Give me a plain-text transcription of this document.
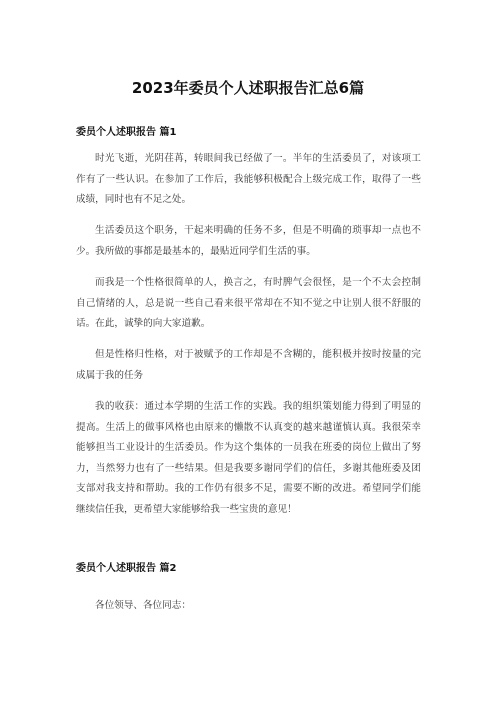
2023年委员个人述职报告汇总6篇
委员个人述职报告 篇1

时光飞逝，光阴荏苒，转眼间我已经做了一。半年的生活委员了，对该项工作有了一些认识。在参加了工作后，我能够积极配合上级完成工作，取得了一些成绩，同时也有不足之处。

生活委员这个职务，干起来明确的任务不多，但是不明确的琐事却一点也不少。我所做的事都是最基本的，最贴近同学们生活的事。

而我是一个性格很简单的人，换言之，有时脾气会很怪，是一个不太会控制自己情绪的人，总是说一些自己看来很平常却在不知不觉之中让别人很不舒服的话。在此，诚挚的向大家道歉。

但是性格归性格，对于被赋予的工作却是不含糊的，能积极并按时按量的完成属于我的任务

我的收获：通过本学期的生活工作的实践。我的组织策划能力得到了明显的提高。生活上的做事风格也由原来的懒散不认真变的越来越谨慎认真。我很荣幸能够担当工业设计的生活委员。作为这个集体的一员我在班委的岗位上做出了努力，当然努力也有了一些结果。但是我要多谢同学们的信任，多谢其他班委及团支部对我支持和帮助。我的工作仍有很多不足，需要不断的改进。希望同学们能继续信任我，更希望大家能够给我一些宝贵的意见！

委员个人述职报告 篇2

各位领导、各位同志：
